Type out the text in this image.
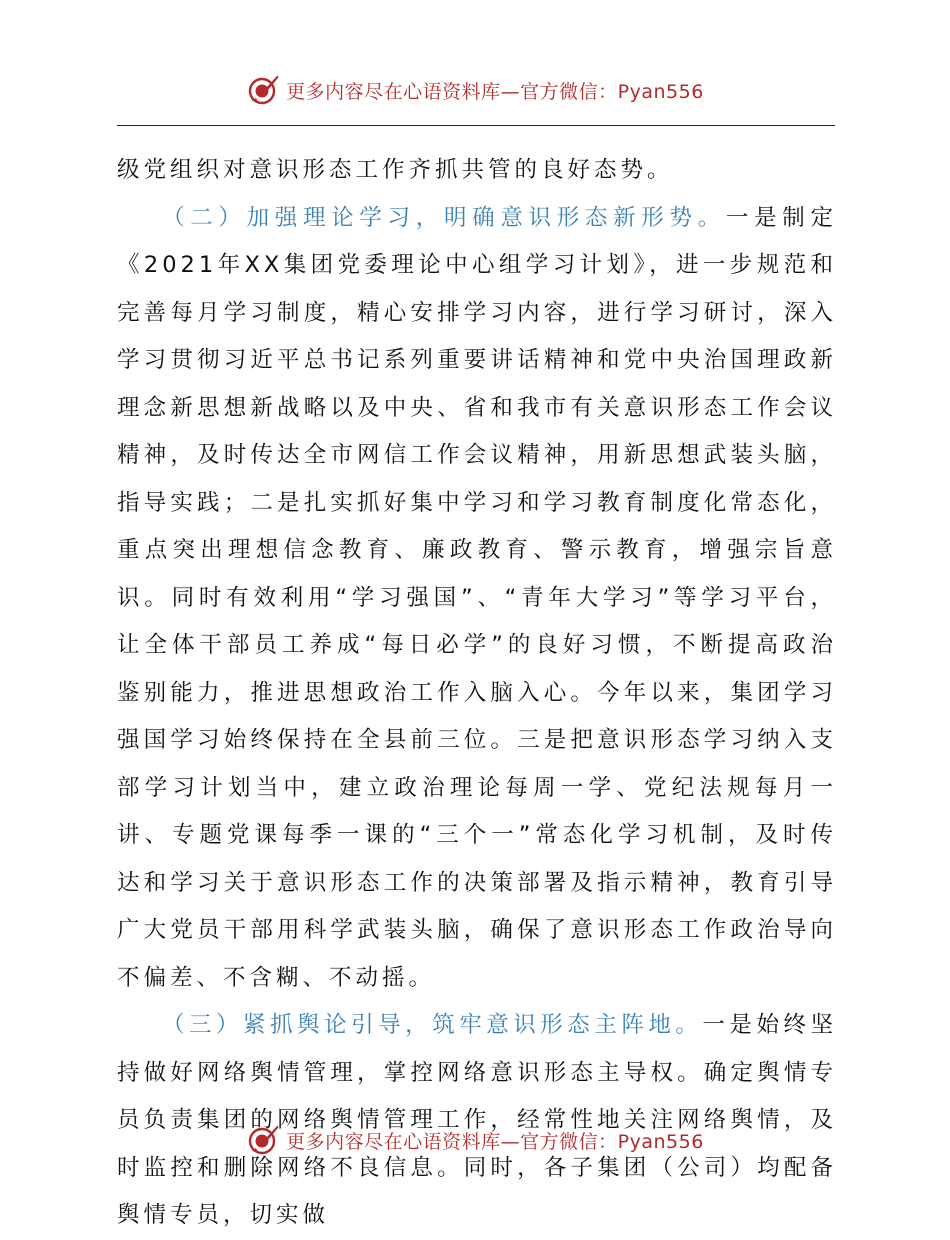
更多内容尽在心语资料库—官方微信：Pyan556

级党组织对意识形态工作齐抓共管的良好态势。

（二）加强理论学习，明确意识形态新形势。一是制定《2021年XX集团党委理论中心组学习计划》，进一步规范和完善每月学习制度，精心安排学习内容，进行学习研讨，深入学习贯彻习近平总书记系列重要讲话精神和党中央治国理政新理念新思想新战略以及中央、省和我市有关意识形态工作会议精神，及时传达全市网信工作会议精神，用新思想武装头脑，指导实践；二是扎实抓好集中学习和学习教育制度化常态化，重点突出理想信念教育、廉政教育、警示教育，增强宗旨意识。同时有效利用“学习强国”、“青年大学习”等学习平台，让全体干部员工养成“每日必学”的良好习惯，不断提高政治鉴别能力，推进思想政治工作入脑入心。今年以来，集团学习强国学习始终保持在全县前三位。三是把意识形态学习纳入支部学习计划当中，建立政治理论每周一学、党纪法规每月一讲、专题党课每季一课的“三个一”常态化学习机制，及时传达和学习关于意识形态工作的决策部署及指示精神，教育引导广大党员干部用科学武装头脑，确保了意识形态工作政治导向不偏差、不含糊、不动摇。

（三）紧抓舆论引导，筑牢意识形态主阵地。一是始终坚持做好网络舆情管理，掌控网络意识形态主导权。确定舆情专员负责集团的网络舆情管理工作，经常性地关注网络舆情，及时监控和删除网络不良信息。同时，各子集团（公司）均配备舆情专员，切实做

更多内容尽在心语资料库—官方微信：Pyan556
